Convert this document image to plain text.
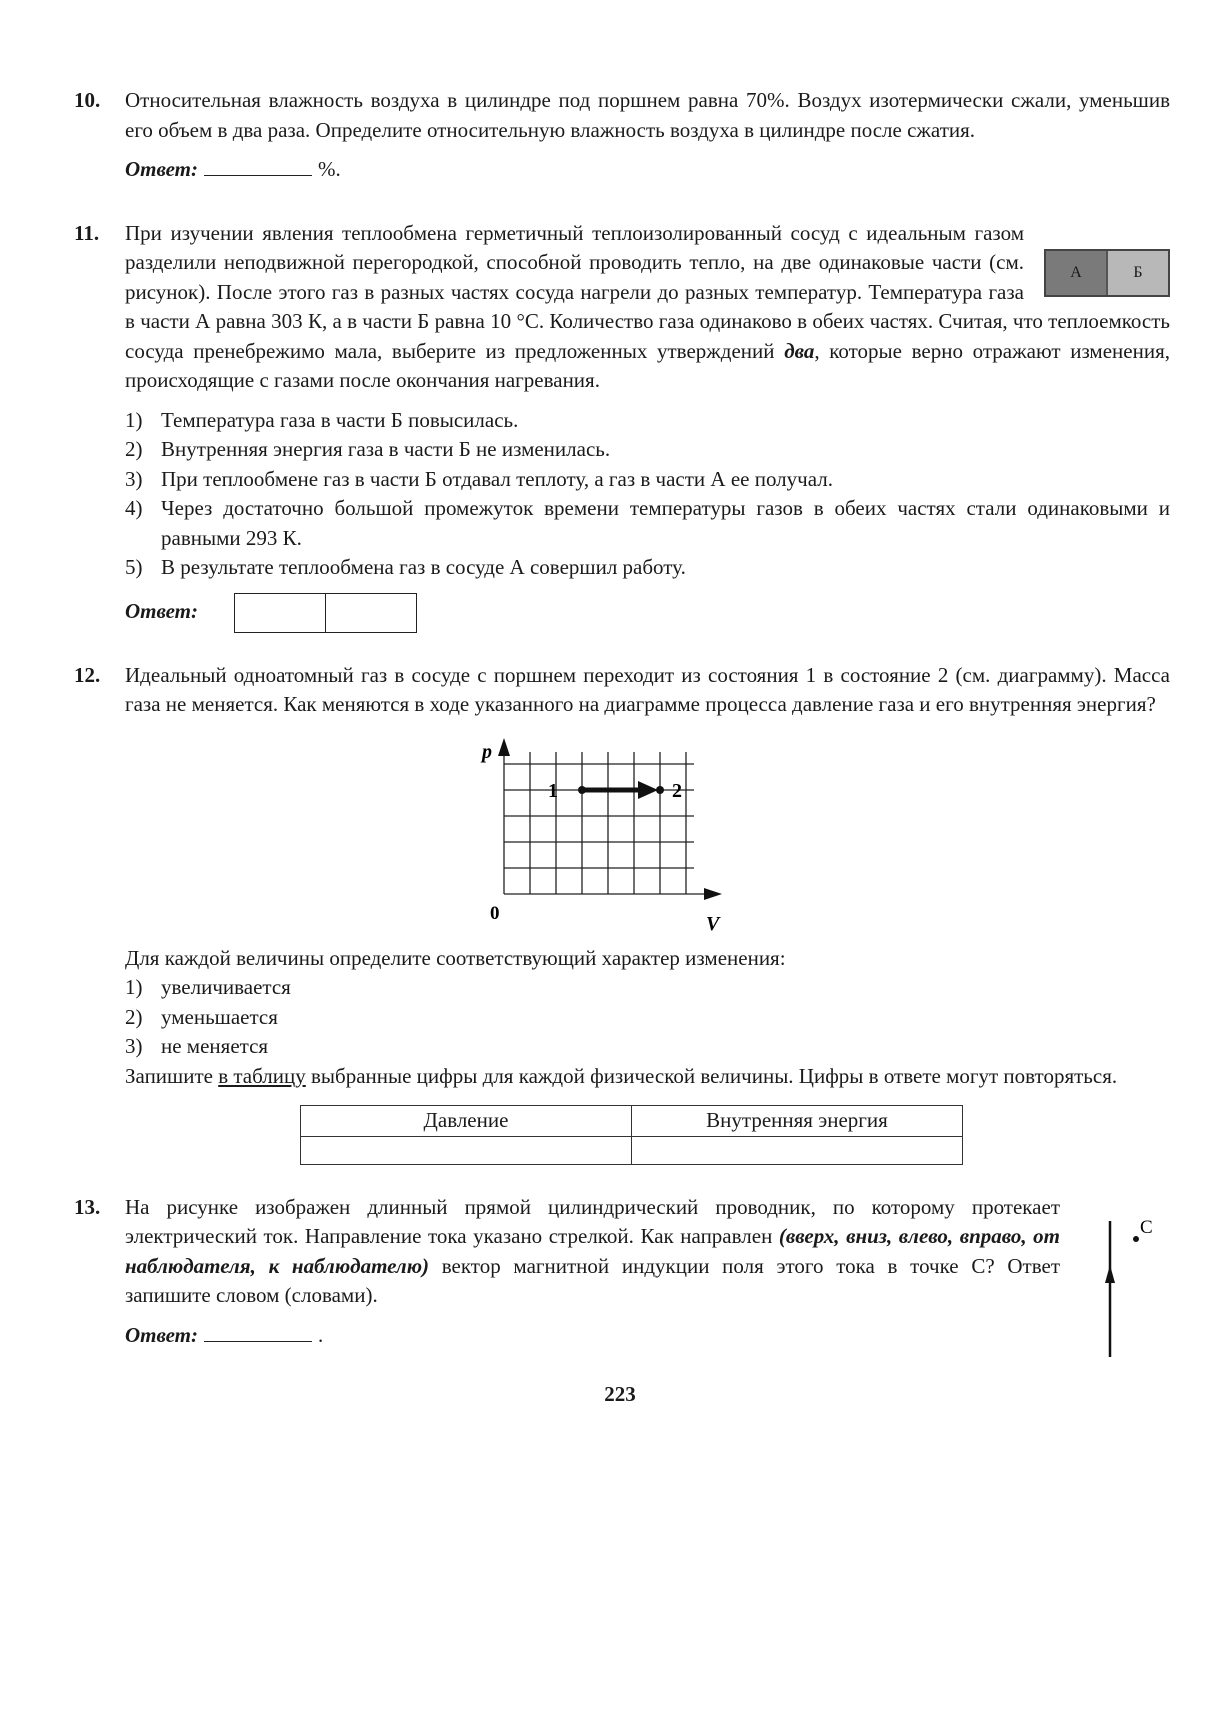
10. Относительная влажность воздуха в цилиндре под поршнем равна 70%. Воздух изотермически сжали, уменьшив его объем в два раза. Определите относительную влажность воздуха в цилиндре после сжатия.

Ответ:	%.
11.
А	Б

При изучении явления теплообмена герметичный теплоизолированный сосуд с идеальным газом разделили неподвижной перегородкой, способной проводить тепло, на две одинаковые части (см. рисунок). После этого газ в разных частях сосуда нагрели до разных температур. Температура газа в части А равна 303 К, а в части Б равна 10 °С. Количество газа одинаково в обеих частях. Считая, что теплоемкость сосуда пренебрежимо мала, выберите из предложенных утверждений два, которые верно отражают изменения, происходящие с газами после окончания нагревания.

1) Температура газа в части Б повысилась.
2) Внутренняя энергия газа в части Б не изменилась.
3) При теплообмене газ в части Б отдавал теплоту, а газ в части А ее получал.
4) Через достаточно большой промежуток времени температуры газов в обеих частях стали одинаковыми и равными 293 К.
5) В результате теплообмена газ в сосуде А совершил работу.
Ответ:
12. Идеальный одноатомный газ в сосуде с поршнем переходит из состояния 1 в состояние 2 (см. диаграмму). Масса газа не меняется. Как меняются в ходе указанного на диаграмме процесса давление газа и его внутренняя энергия?

p
V
0
1	2

Для каждой величины определите соответствующий характер изменения:

1) увеличивается
2) уменьшается
3) не меняется

Запишите в таблицу выбранные цифры для каждой физической величины. Цифры в ответе могут повторяться.

Давление	Внутренняя энергия

13.
C

На рисунке изображен длинный прямой цилиндрический проводник, по которому протекает электрический ток. Направление тока указано стрелкой. Как направлен (вверх, вниз, влево, вправо, от наблюдателя, к наблюдателю) вектор магнитной индукции поля этого тока в точке С? Ответ запишите словом (словами).

Ответ:	.
223
